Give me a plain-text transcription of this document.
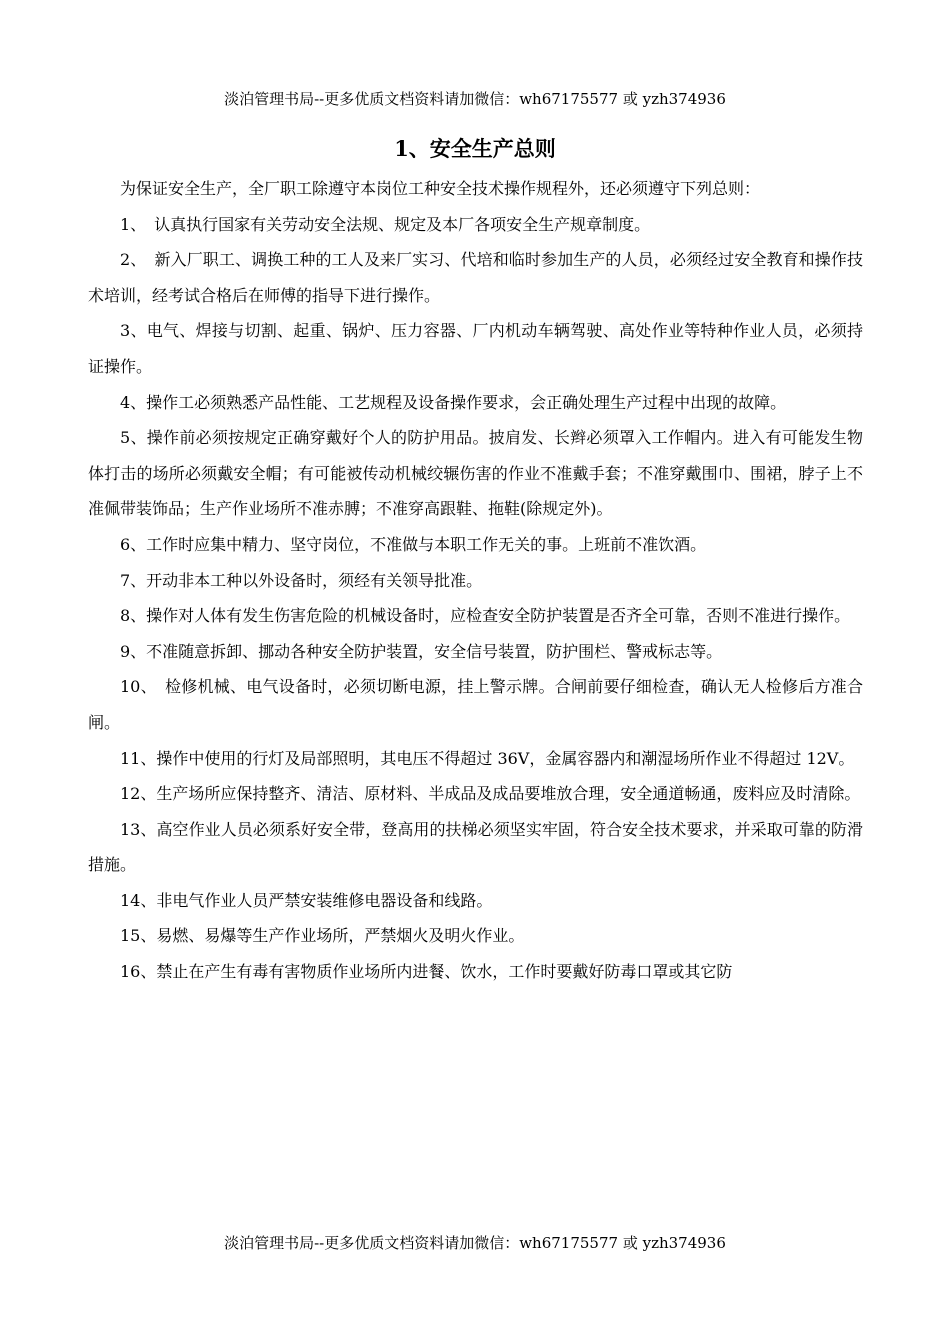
淡泊管理书局--更多优质文档资料请加微信：wh67175577 或 yzh374936
1、安全生产总则

为保证安全生产，全厂职工除遵守本岗位工种安全技术操作规程外，还必须遵守下列总则：

1、　认真执行国家有关劳动安全法规、规定及本厂各项安全生产规章制度。

2、　新入厂职工、调换工种的工人及来厂实习、代培和临时参加生产的人员，必须经过安全教育和操作技术培训，经考试合格后在师傅的指导下进行操作。

3、电气、焊接与切割、起重、锅炉、压力容器、厂内机动车辆驾驶、高处作业等特种作业人员，必须持证操作。

4、操作工必须熟悉产品性能、工艺规程及设备操作要求，会正确处理生产过程中出现的故障。

5、操作前必须按规定正确穿戴好个人的防护用品。披肩发、长辫必须罩入工作帽内。进入有可能发生物体打击的场所必须戴安全帽；有可能被传动机械绞辗伤害的作业不准戴手套；不准穿戴围巾、围裙，脖子上不准佩带装饰品；生产作业场所不准赤膊；不准穿高跟鞋、拖鞋(除规定外)。

6、工作时应集中精力、坚守岗位，不准做与本职工作无关的事。上班前不准饮酒。

7、开动非本工种以外设备时，须经有关领导批准。

8、操作对人体有发生伤害危险的机械设备时，应检查安全防护装置是否齐全可靠，否则不准进行操作。

9、不准随意拆卸、挪动各种安全防护装置，安全信号装置，防护围栏、警戒标志等。

10、　检修机械、电气设备时，必须切断电源，挂上警示牌。合闸前要仔细检查，确认无人检修后方准合闸。

11、操作中使用的行灯及局部照明，其电压不得超过 36V，金属容器内和潮湿场所作业不得超过 12V。

12、生产场所应保持整齐、清洁、原材料、半成品及成品要堆放合理，安全通道畅通，废料应及时清除。

13、高空作业人员必须系好安全带，登高用的扶梯必须坚实牢固，符合安全技术要求，并采取可靠的防滑措施。

14、非电气作业人员严禁安装维修电器设备和线路。

15、易燃、易爆等生产作业场所，严禁烟火及明火作业。

16、禁止在产生有毒有害物质作业场所内进餐、饮水，工作时要戴好防毒口罩或其它防

淡泊管理书局--更多优质文档资料请加微信：wh67175577 或 yzh374936
